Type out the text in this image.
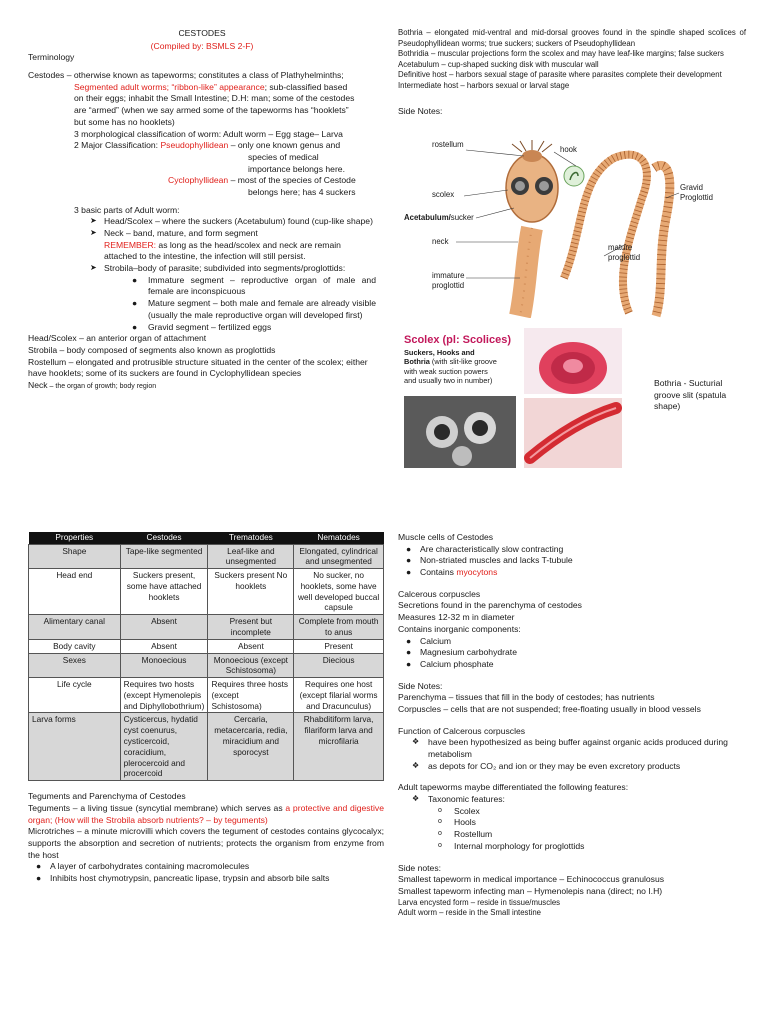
CESTODES
(Compiled by: BSMLS 2-F)
Terminology
Cestodes – otherwise known as tapeworms; constitutes a class of Plathyhelminths;
Segmented adult worms; “ribbon-like” appearance; sub-classified based
on their eggs; inhabit the Small Intestine; D.H: man; some of the cestodes
are “armed” (when we say armed some of the tapeworms has “hooklets”
but some has no hooklets)
3 morphological classification of worm: Adult worm – Egg stage– Larva
2 Major Classification: Pseudophyllidean – only one known genus and
species of medical
importance belongs here.
Cyclophyllidean – most of the species of Cestode
belongs here; has 4 suckers
3 basic parts of Adult worm:
➤ Head/Scolex – where the suckers (Acetabulum) found (cup-like shape)
➤ Neck – band, mature, and form segment
REMEMBER: as long as the head/scolex and neck are remain attached to the intestine, the infection will still persist.
➤ Strobila–body of parasite; subdivided into segments/proglottids:
● Immature segment – reproductive organ of male and female are inconspicuous
● Mature segment – both male and female are already visible (usually the male reproductive organ will developed first)
● Gravid segment – fertilized eggs
Head/Scolex – an anterior organ of attachment
Strobila – body composed of segments also known as proglottids
Rostellum – elongated and protrusible structure situated in the center of the scolex; either have hooklets; some of its suckers are found in Cyclophyllidean species
Neck – the organ of growth; body region
Bothria – elongated mid-ventral and mid-dorsal grooves found in the spindle shaped scolices of Pseudophyllidean worms; true suckers; suckers of Pseudophyllidean
Bothridia – muscular projections form the scolex and may have leaf-like margins; false suckers
Acetabulum – cup-shaped sucking disk with muscular wall
Definitive host – harbors sexual stage of parasite where parasites complete their development
Intermediate host – harbors sexual or larval stage
Side Notes:
rostellum
hook
scolex
Acetabulum/sucker
neck
immature
proglottid
mature
proglottid
Gravid
Proglottid
Scolex (pl: Scolices)
Suckers, Hooks and
Bothria (with slit-like groove
with weak suction powers
and usually two in number)	Bothria - Sucturial groove slit (spatula shape)
Properties	Cestodes	Trematodes	Nematodes
Shape	Tape-like segmented	Leaf-like and unsegmented	Elongated, cylindrical and unsegmented
Head end	Suckers present, some have attached hooklets	Suckers present No hooklets	No sucker, no hooklets, some have well developed buccal capsule
Alimentary canal	Absent	Present but incomplete	Complete from mouth to anus
Body cavity	Absent	Absent	Present
Sexes	Monoecious	Monoecious (except Schistosoma)	Diecious
Life cycle	Requires two hosts (except Hymenolepis and Diphyllobothrium)	Requires three hosts (except Schistosoma)	Requires one host (except filarial worms and Dracunculus)
Larva forms	Cysticercus, hydatid cyst coenurus, cysticercoid, coracidium, plerocercoid and procercoid	Cercaria, metacercaria, redia, miracidium and sporocyst	Rhabditiform larva, filariform larva and microfilaria
Teguments and Parenchyma of Cestodes
Teguments – a living tissue (syncytial membrane) which serves as a protective and digestive organ; (How will the Strobila absorb nutrients? – by teguments)
Microtriches – a minute microvilli which covers the tegument of cestodes contains glycocalyx; supports the absorption and secretion of nutrients; protects the organism from enzyme from the host
● A layer of carbohydrates containing macromolecules
● Inhibits host chymotrypsin, pancreatic lipase, trypsin and absorb bile salts
Muscle cells of Cestodes
● Are characteristically slow contracting
● Non-striated muscles and lacks T-tubule
● Contains myocytons
Calcerous corpuscles
Secretions found in the parenchyma of cestodes
Measures 12-32 m in diameter
Contains inorganic components:
● Calcium
● Magnesium carbohydrate
● Calcium phosphate
Side Notes:
Parenchyma – tissues that fill in the body of cestodes; has nutrients
Corpuscles – cells that are not suspended; free-floating usually in blood vessels
Function of Calcerous corpuscles
❖ have been hypothesized as being buffer against organic acids produced during metabolism
❖ as depots for CO₂ and ion or they may be even excretory products
Adult tapeworms maybe differentiated the following features:
❖ Taxonomic features:
o Scolex
o Hools
o Rostellum
o Internal morphology for proglottids
Side notes:
Smallest tapeworm in medical importance – Echinococcus granulosus
Smallest tapeworm infecting man – Hymenolepis nana (direct; no I.H)
Larva encysted form – reside in tissue/muscles
Adult worm – reside in the Small intestine
